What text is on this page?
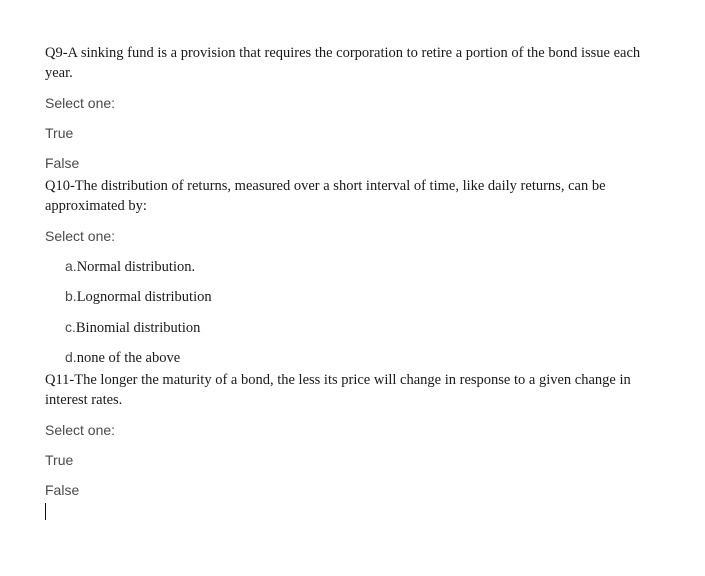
Q9-A sinking fund is a provision that requires the corporation to retire a portion of the bond issue each
year.
Select one:
True
False
Q10-The distribution of returns, measured over a short interval of time, like daily returns, can be
approximated by:
Select one:
a.Normal distribution.
b.Lognormal distribution
c.Binomial distribution
d.none of the above
Q11-The longer the maturity of a bond, the less its price will change in response to a given change in
interest rates.
Select one:
True
False
